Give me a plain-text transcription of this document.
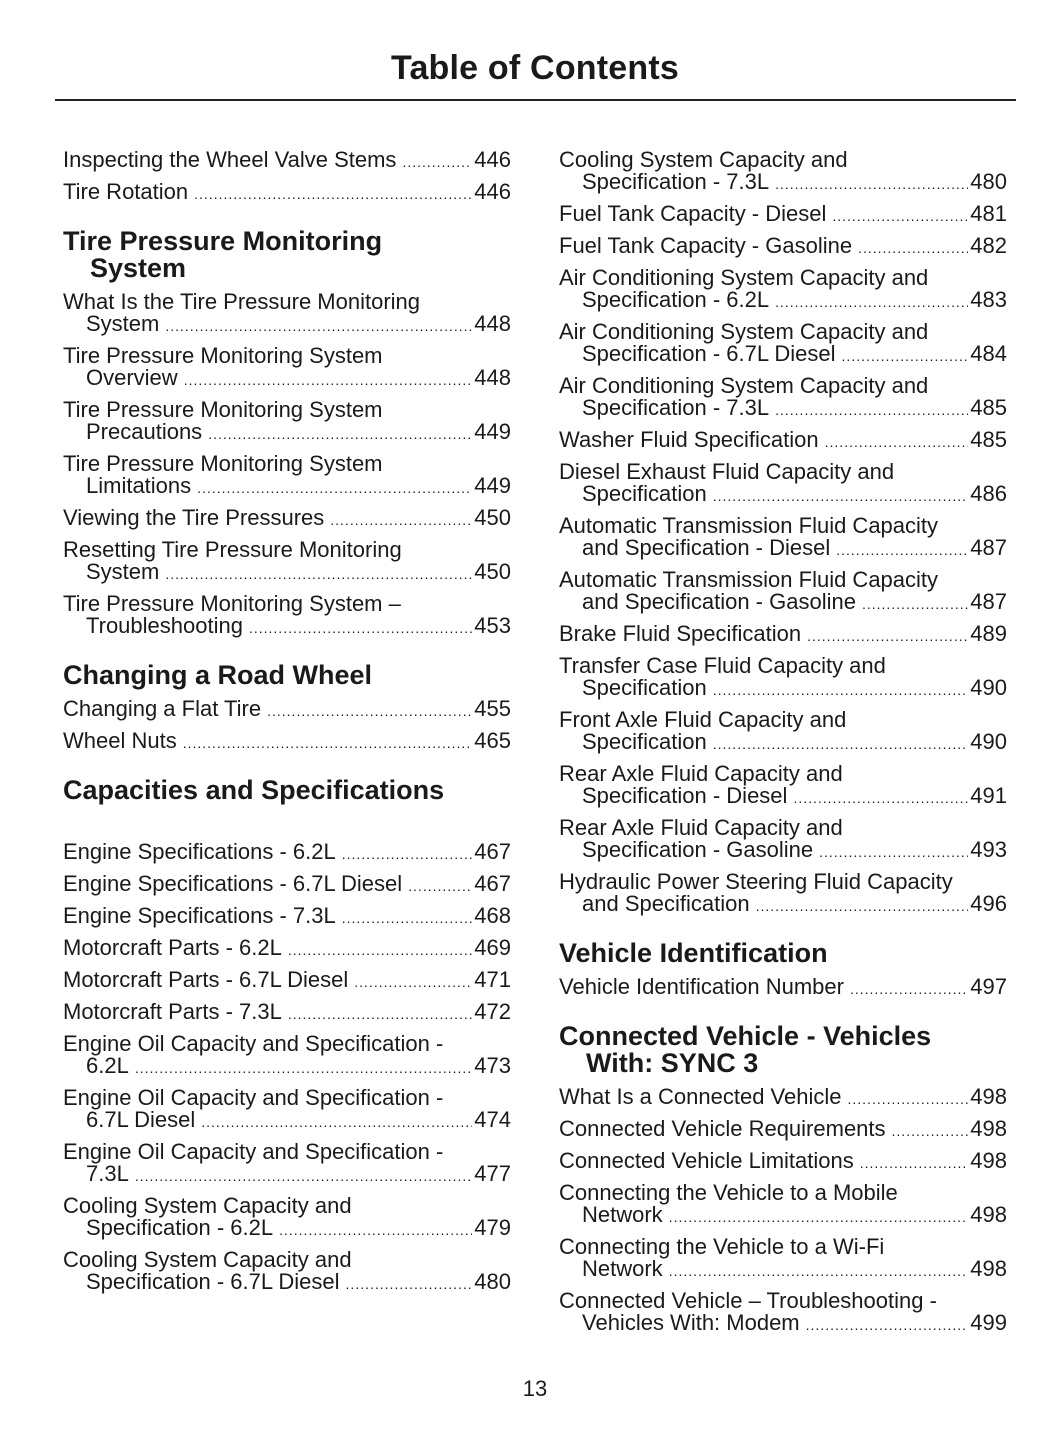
Table of Contents
Inspecting the Wheel Valve Stems .....	446
Tire Rotation .....	446
Tire Pressure Monitoring
System
What Is the Tire Pressure Monitoring
System .....	448
Tire Pressure Monitoring System
Overview .....	448
Tire Pressure Monitoring System
Precautions .....	449
Tire Pressure Monitoring System
Limitations .....	449
Viewing the Tire Pressures .....	450
Resetting Tire Pressure Monitoring
System .....	450
Tire Pressure Monitoring System –
Troubleshooting .....	453
Changing a Road Wheel
Changing a Flat Tire .....	455
Wheel Nuts .....	465
Capacities and Specifications
Engine Specifications - 6.2L .....	467
Engine Specifications - 6.7L Diesel .....	467
Engine Specifications - 7.3L .....	468
Motorcraft Parts - 6.2L .....	469
Motorcraft Parts - 6.7L Diesel .....	471
Motorcraft Parts - 7.3L .....	472
Engine Oil Capacity and Specification -
6.2L .....	473
Engine Oil Capacity and Specification -
6.7L Diesel .....	474
Engine Oil Capacity and Specification -
7.3L .....	477
Cooling System Capacity and
Specification - 6.2L .....	479
Cooling System Capacity and
Specification - 6.7L Diesel .....	480
Cooling System Capacity and
Specification - 7.3L .....	480
Fuel Tank Capacity - Diesel .....	481
Fuel Tank Capacity - Gasoline .....	482
Air Conditioning System Capacity and
Specification - 6.2L .....	483
Air Conditioning System Capacity and
Specification - 6.7L Diesel .....	484
Air Conditioning System Capacity and
Specification - 7.3L .....	485
Washer Fluid Specification .....	485
Diesel Exhaust Fluid Capacity and
Specification .....	486
Automatic Transmission Fluid Capacity
and Specification - Diesel .....	487
Automatic Transmission Fluid Capacity
and Specification - Gasoline .....	487
Brake Fluid Specification .....	489
Transfer Case Fluid Capacity and
Specification .....	490
Front Axle Fluid Capacity and
Specification .....	490
Rear Axle Fluid Capacity and
Specification - Diesel .....	491
Rear Axle Fluid Capacity and
Specification - Gasoline .....	493
Hydraulic Power Steering Fluid Capacity
and Specification .....	496
Vehicle Identification
Vehicle Identification Number .....	497
Connected Vehicle - Vehicles
With: SYNC 3
What Is a Connected Vehicle .....	498
Connected Vehicle Requirements .....	498
Connected Vehicle Limitations .....	498
Connecting the Vehicle to a Mobile
Network .....	498
Connecting the Vehicle to a Wi-Fi
Network .....	498
Connected Vehicle – Troubleshooting -
Vehicles With: Modem .....	499
13
